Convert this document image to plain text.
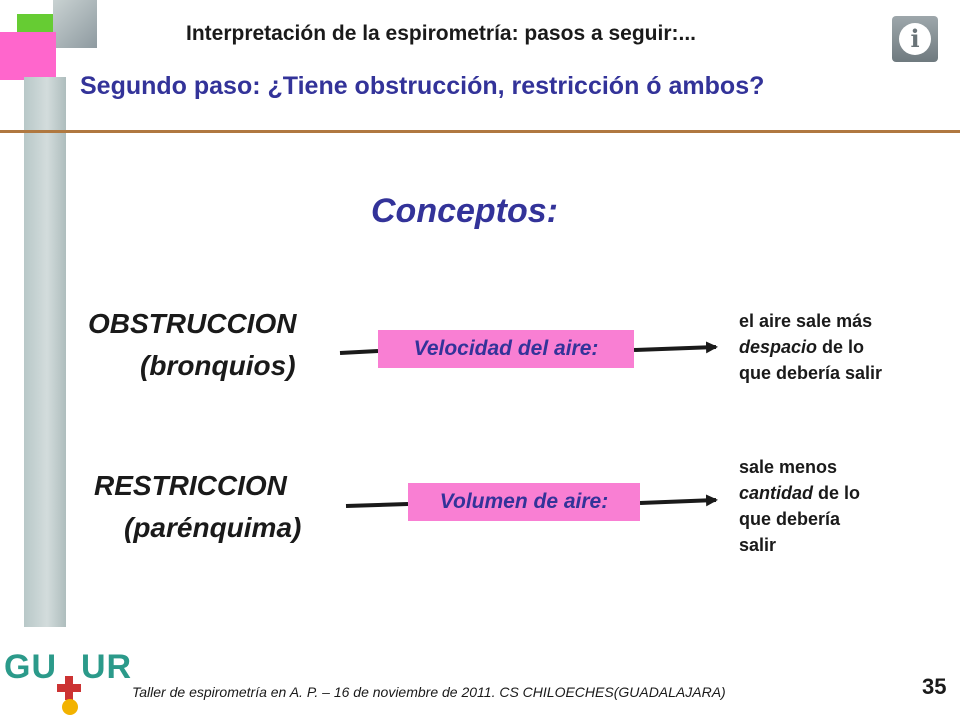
Interpretación de la espirometría: pasos a seguir:...
Segundo paso: ¿Tiene obstrucción, restricción ó ambos?
i
Conceptos:
OBSTRUCCION
(bronquios)
Velocidad del aire:
el aire sale más
despacio de lo
que debería salir
RESTRICCION
(parénquima)
Volumen de aire:
sale menos
cantidad de lo
que debería
salir
GU UR
Taller de espirometría en A. P. – 16 de noviembre de 2011. CS CHILOECHES(GUADALAJARA)	35
